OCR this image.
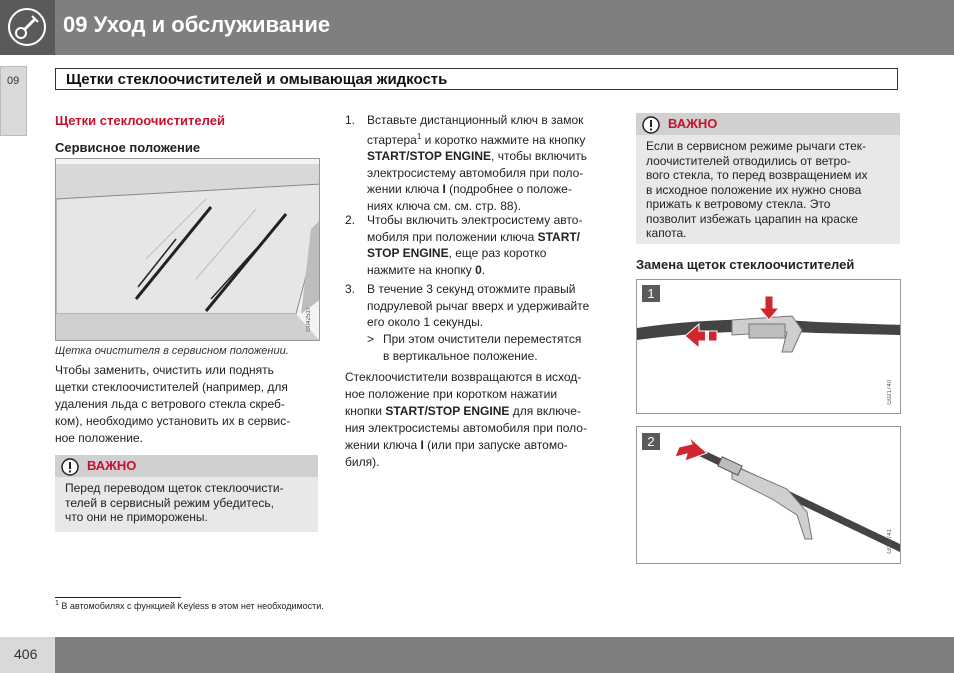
09 Уход и обслуживание
09	Щетки стеклоочистителей и омывающая жидкость
Щетки стеклоочистителей
Сервисное положение
G042537
Щетка очистителя в сервисном положении.
Чтобы заменить, очистить или поднять
щетки стеклоочистителей (например, для
удаления льда с ветрового стекла скреб-
ком), необходимо установить их в сервис-
ное положение.
ВАЖНО
Перед переводом щеток стеклоочисти-
телей в сервисный режим убедитесь,
что они не приморожены.
1. Вставьте дистанционный ключ в замок
стартера$^1$ и коротко нажмите на кнопку
START/STOP ENGINE, чтобы включить
электросистему автомобиля при поло-
жении ключа I (подробнее о положе-
ниях ключа см. см. стр. 88).
2. Чтобы включить электросистему авто-
мобиля при положении ключа START/
STOP ENGINE, еще раз коротко
нажмите на кнопку 0.
3. В течение 3 секунд отожмите правый
подрулевой рычаг вверх и удерживайте
его около 1 секунды.
> При этом очистители переместятся
в вертикальное положение.
Стеклоочистители возвращаются в исход-
ное положение при коротком нажатии
кнопки START/STOP ENGINE для включе-
ния электросистемы автомобиля при поло-
жении ключа I (или при запуске автомо-
биля).
ВАЖНО
Если в сервисном режиме рычаги стек-
лоочистителей отводились от ветро-
вого стекла, то перед возвращением их
в исходное положение их нужно снова
прижать к ветровому стекла. Это
позволит избежать царапин на краске
капота.
Замена щеток стеклоочистителей
1
G021740
2
G021741
$^1$ В автомобилях с функцией Keyless в этом нет необходимости.
406
